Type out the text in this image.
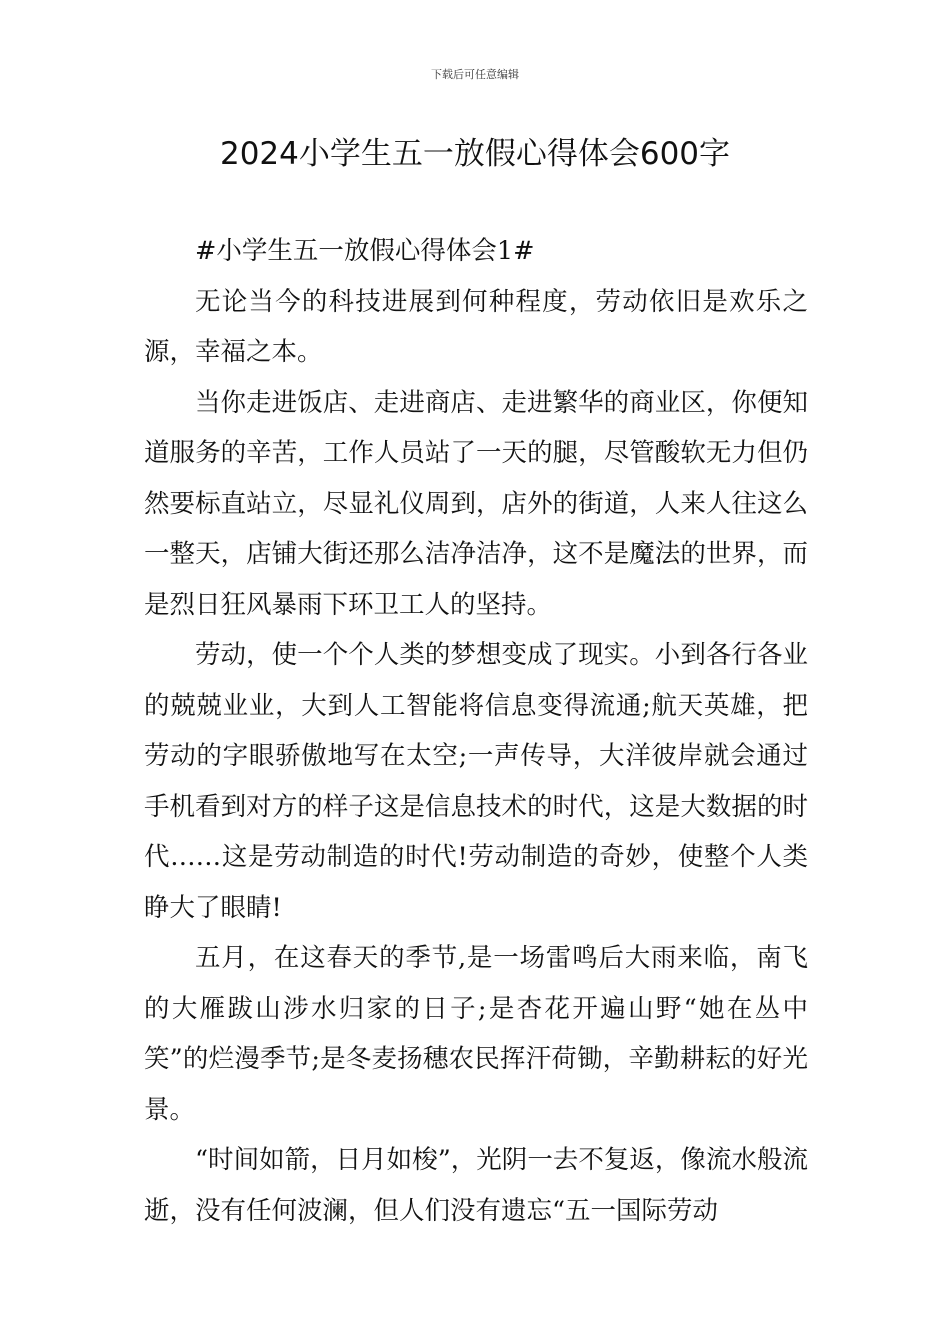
下载后可任意编辑
2024小学生五一放假心得体会600字

#小学生五一放假心得体会1#

无论当今的科技进展到何种程度，劳动依旧是欢乐之源，幸福之本。

当你走进饭店、走进商店、走进繁华的商业区，你便知道服务的辛苦，工作人员站了一天的腿，尽管酸软无力但仍然要标直站立，尽显礼仪周到，店外的街道，人来人往这么一整天，店铺大街还那么洁净洁净，这不是魔法的世界，而是烈日狂风暴雨下环卫工人的坚持。

劳动，使一个个人类的梦想变成了现实。小到各行各业的兢兢业业，大到人工智能将信息变得流通;航天英雄，把劳动的字眼骄傲地写在太空;一声传导，大洋彼岸就会通过手机看到对方的样子这是信息技术的时代，这是大数据的时代……这是劳动制造的时代!劳动制造的奇妙，使整个人类睁大了眼睛!

五月，在这春天的季节,是一场雷鸣后大雨来临，南飞的大雁跋山涉水归家的日子;是杏花开遍山野“她在丛中笑”的烂漫季节;是冬麦扬穗农民挥汗荷锄，辛勤耕耘的好光景。

“时间如箭，日月如梭”，光阴一去不复返，像流水般流逝，没有任何波澜，但人们没有遗忘“五一国际劳动
